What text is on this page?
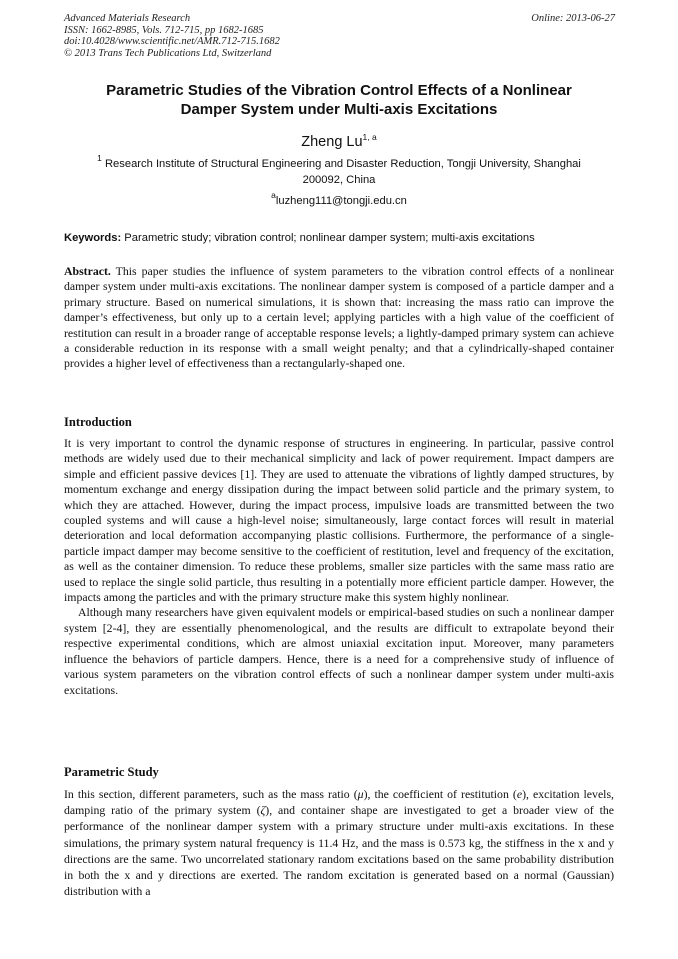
Advanced Materials Research
ISSN: 1662-8985, Vols. 712-715, pp 1682-1685
doi:10.4028/www.scientific.net/AMR.712-715.1682
© 2013 Trans Tech Publications Ltd, Switzerland
Online: 2013-06-27
Parametric Studies of the Vibration Control Effects of a Nonlinear
Damper System under Multi-axis Excitations
Zheng Lu$^{1, a}$
$^1$ Research Institute of Structural Engineering and Disaster Reduction, Tongji University, Shanghai
200092, China
$^a$luzheng111@tongji.edu.cn
Keywords: Parametric study; vibration control; nonlinear damper system; multi-axis excitations

Abstract. This paper studies the influence of system parameters to the vibration control effects of a nonlinear damper system under multi-axis excitations. The nonlinear damper system is composed of a particle damper and a primary structure. Based on numerical simulations, it is shown that: increasing the mass ratio can improve the damper’s effectiveness, but only up to a certain level; applying particles with a high value of the coefficient of restitution can result in a broader range of acceptable response levels; a lightly-damped primary system can achieve a considerable reduction in its response with a small weight penalty; and that a cylindrically-shaped container provides a higher level of effectiveness than a rectangularly-shaped one.

Introduction

It is very important to control the dynamic response of structures in engineering. In particular, passive control methods are widely used due to their mechanical simplicity and lack of power requirement. Impact dampers are simple and efficient passive devices [1]. They are used to attenuate the vibrations of lightly damped structures, by momentum exchange and energy dissipation during the impact between solid particle and the primary system, to which they are attached. However, during the impact process, impulsive loads are transmitted between the two coupled systems and will cause a high-level noise; simultaneously, large contact forces will result in material deterioration and local deformation accompanying plastic collisions. Furthermore, the performance of a single-particle impact damper may become sensitive to the coefficient of restitution, level and frequency of the excitation, as well as the container dimension. To reduce these problems, smaller size particles with the same mass ratio are used to replace the single solid particle, thus resulting in a potentially more efficient particle damper. However, the impacts among the particles and with the primary structure make this system highly nonlinear.

Although many researchers have given equivalent models or empirical-based studies on such a nonlinear damper system [2-4], they are essentially phenomenological, and the results are difficult to extrapolate beyond their respective experimental conditions, which are almost uniaxial excitation input. Moreover, many parameters influence the behaviors of particle dampers. Hence, there is a need for a comprehensive study of influence of various system parameters on the vibration control effects of such a nonlinear damper system under multi-axis excitations.

Parametric Study

In this section, different parameters, such as the mass ratio (μ), the coefficient of restitution (e), excitation levels, damping ratio of the primary system (ζ), and container shape are investigated to get a broader view of the performance of the nonlinear damper system with a primary structure under multi-axis excitations. In these simulations, the primary system natural frequency is 11.4 Hz, and the mass is 0.573 kg, the stiffness in the x and y directions are the same. Two uncorrelated stationary random excitations based on the same probability distribution in both the x and y directions are exerted. The random excitation is generated based on a normal (Gaussian) distribution with a
